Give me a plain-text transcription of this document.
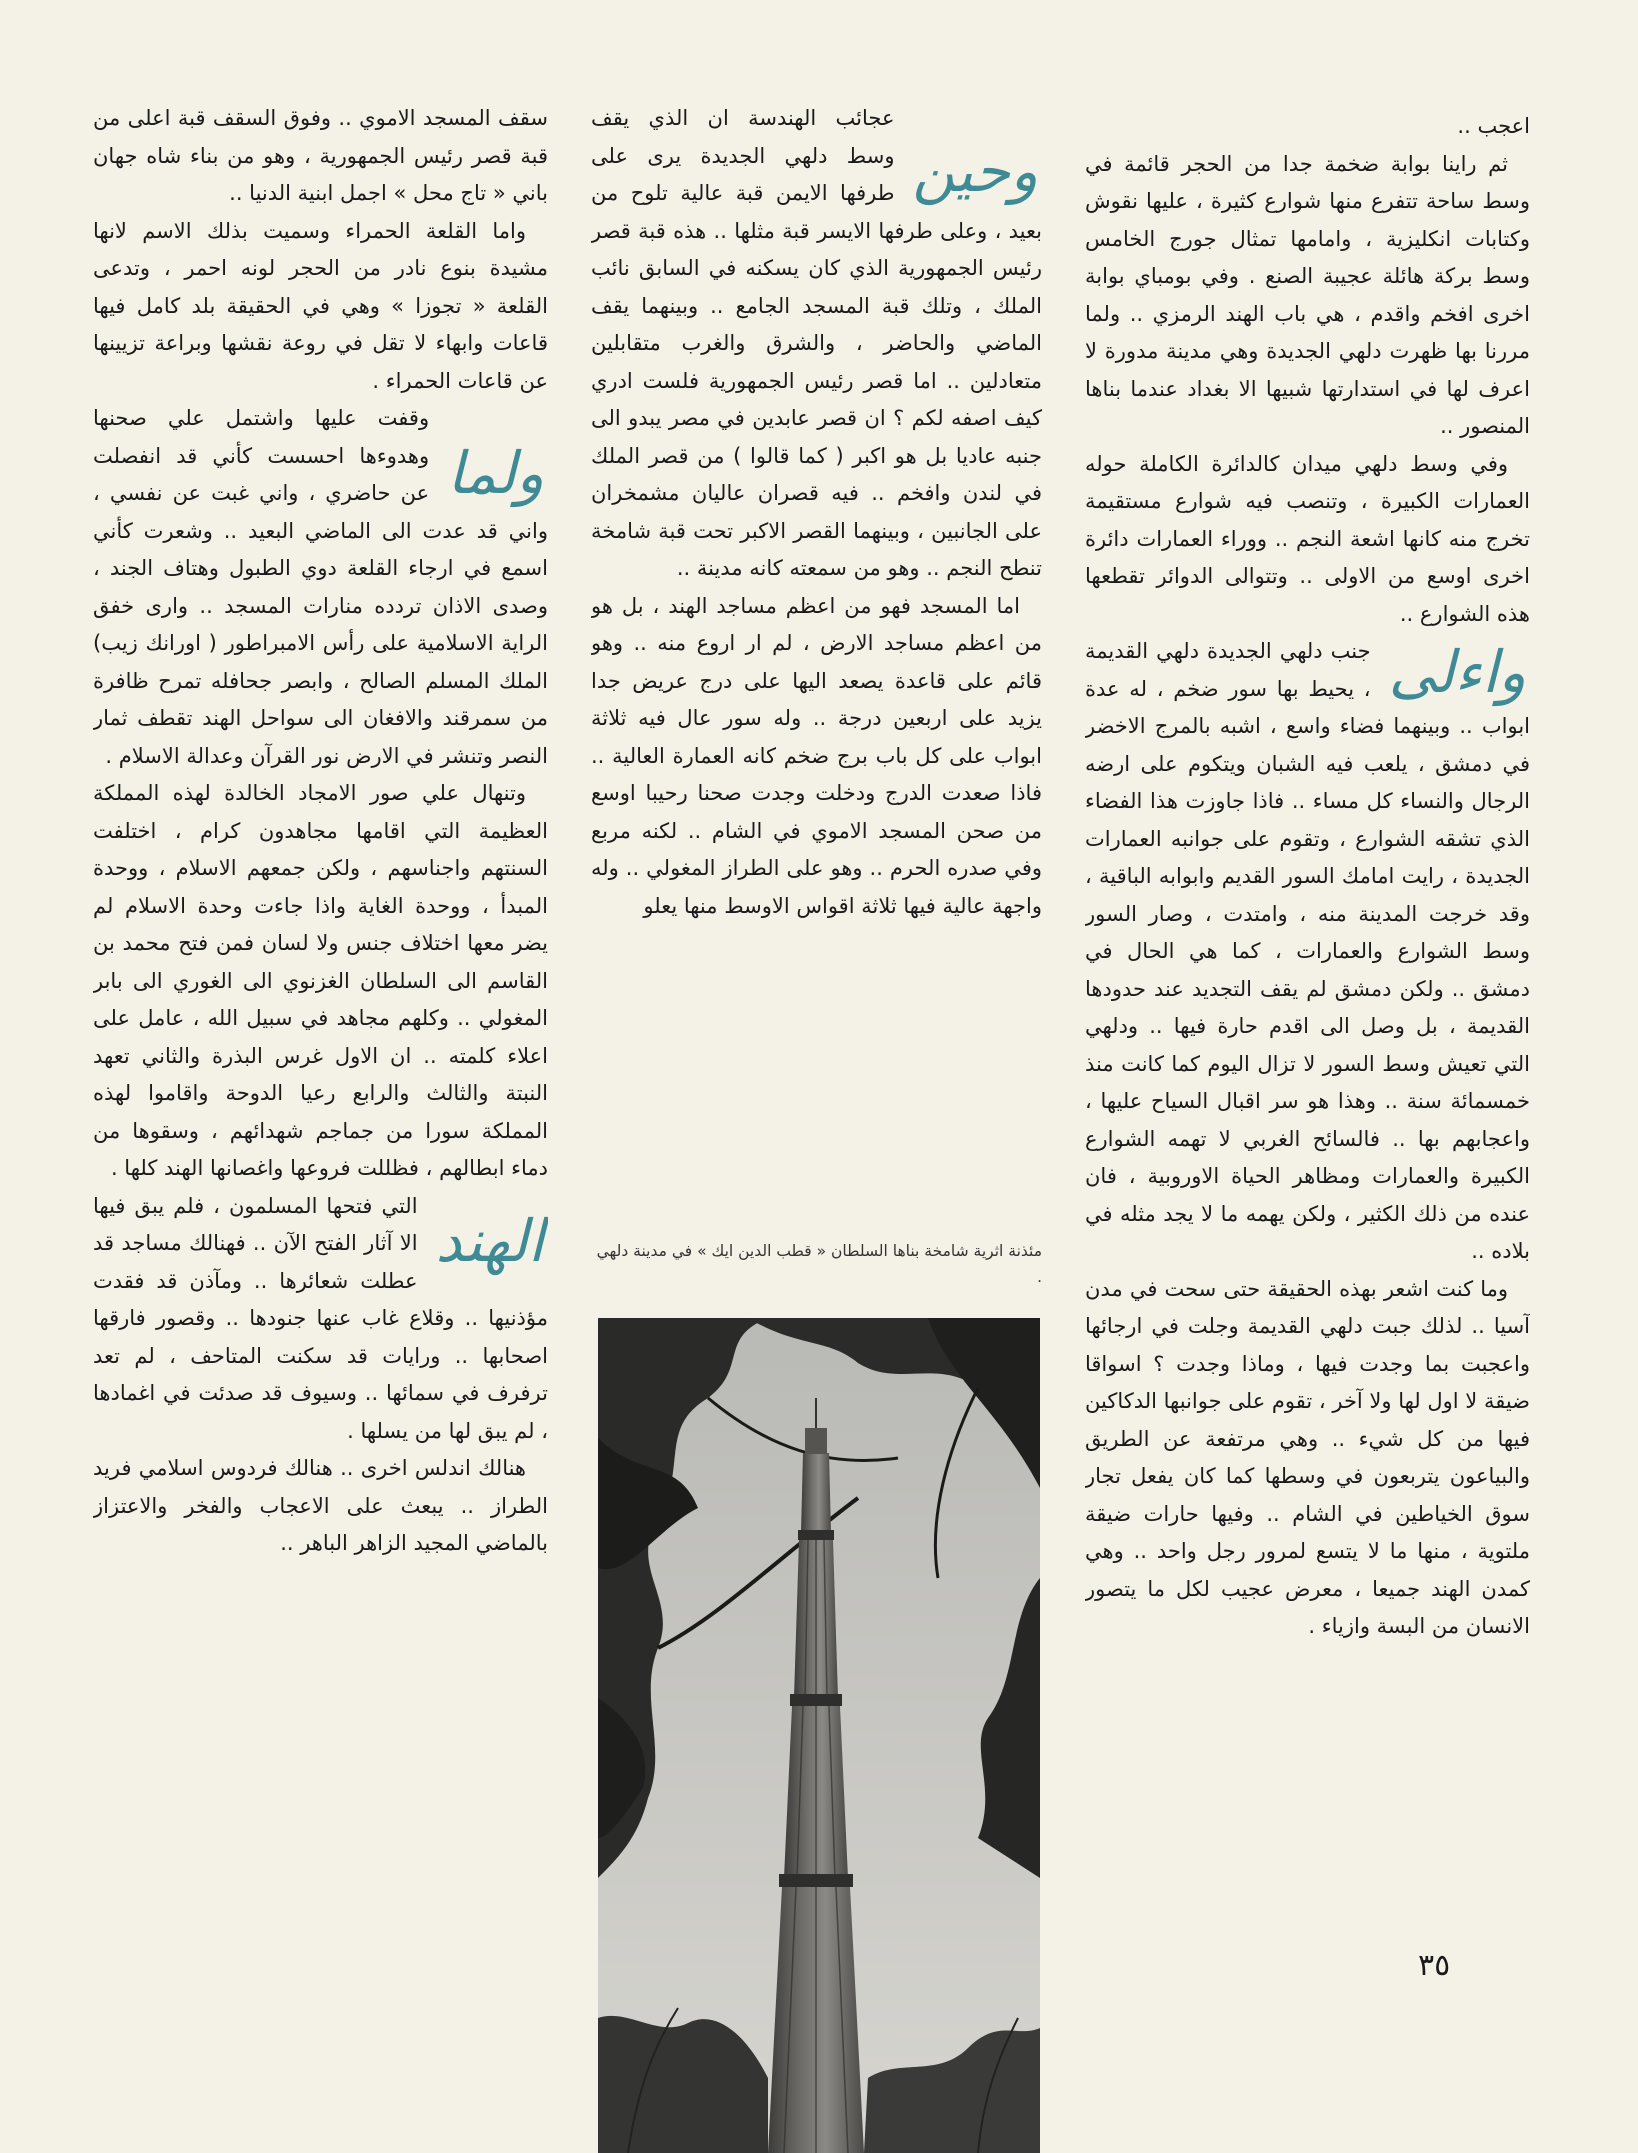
اعجب ..

ثم راينا بوابة ضخمة جدا من الحجر قائمة في وسط ساحة تتفرع منها شوارع كثيرة ، عليها نقوش وكتابات انكليزية ، وامامها تمثال جورج الخامس وسط بركة هائلة عجيبة الصنع . وفي بومباي بوابة اخرى افخم واقدم ، هي باب الهند الرمزي .. ولما مررنا بها ظهرت دلهي الجديدة وهي مدينة مدورة لا اعرف لها في استدارتها شبيها الا بغداد عندما بناها المنصور ..

وفي وسط دلهي ميدان كالدائرة الكاملة حوله العمارات الكبيرة ، وتنصب فيه شوارع مستقيمة تخرج منه كانها اشعة النجم .. ووراء العمارات دائرة اخرى اوسع من الاولى .. وتتوالى الدوائر تقطعها هذه الشوارع ..

واءلى

جنب دلهي الجديدة دلهي القديمة ، يحيط بها سور ضخم ، له عدة ابواب .. وبينهما فضاء واسع ، اشبه بالمرج الاخضر في دمشق ، يلعب فيه الشبان ويتكوم على ارضه الرجال والنساء كل مساء .. فاذا جاوزت هذا الفضاء الذي تشقه الشوارع ، وتقوم على جوانبه العمارات الجديدة ، رايت امامك السور القديم وابوابه الباقية ، وقد خرجت المدينة منه ، وامتدت ، وصار السور وسط الشوارع والعمارات ، كما هي الحال في دمشق .. ولكن دمشق لم يقف التجديد عند حدودها القديمة ، بل وصل الى اقدم حارة فيها .. ودلهي التي تعيش وسط السور لا تزال اليوم كما كانت منذ خمسمائة سنة .. وهذا هو سر اقبال السياح عليها ، واعجابهم بها .. فالسائح الغربي لا تهمه الشوارع الكبيرة والعمارات ومظاهر الحياة الاوروبية ، فان عنده من ذلك الكثير ، ولكن يهمه ما لا يجد مثله في بلاده ..

وما كنت اشعر بهذه الحقيقة حتى سحت في مدن آسيا .. لذلك جبت دلهي القديمة وجلت في ارجائها واعجبت بما وجدت فيها ، وماذا وجدت ؟ اسواقا ضيقة لا اول لها ولا آخر ، تقوم على جوانبها الدكاكين فيها من كل شيء .. وهي مرتفعة عن الطريق والبياعون يتربعون في وسطها كما كان يفعل تجار سوق الخياطين في الشام .. وفيها حارات ضيقة ملتوية ، منها ما لا يتسع لمرور رجل واحد .. وهي كمدن الهند جميعا ، معرض عجيب لكل ما يتصور الانسان من البسة وازياء .

وحين

عجائب الهندسة ان الذي يقف وسط دلهي الجديدة يرى على طرفها الايمن قبة عالية تلوح من بعيد ، وعلى طرفها الايسر قبة مثلها .. هذه قبة قصر رئيس الجمهورية الذي كان يسكنه في السابق نائب الملك ، وتلك قبة المسجد الجامع .. وبينهما يقف الماضي والحاضر ، والشرق والغرب متقابلين متعادلين .. اما قصر رئيس الجمهورية فلست ادري كيف اصفه لكم ؟ ان قصر عابدين في مصر يبدو الى جنبه عاديا بل هو اكبر ( كما قالوا ) من قصر الملك في لندن وافخم .. فيه قصران عاليان مشمخران على الجانبين ، وبينهما القصر الاكبر تحت قبة شامخة تنطح النجم .. وهو من سمعته كانه مدينة ..

اما المسجد فهو من اعظم مساجد الهند ، بل هو من اعظم مساجد الارض ، لم ار اروع منه .. وهو قائم على قاعدة يصعد اليها على درج عريض جدا يزيد على اربعين درجة .. وله سور عال فيه ثلاثة ابواب على كل باب برج ضخم كانه العمارة العالية .. فاذا صعدت الدرج ودخلت وجدت صحنا رحيبا اوسع من صحن المسجد الاموي في الشام .. لكنه مربع وفي صدره الحرم .. وهو على الطراز المغولي .. وله واجهة عالية فيها ثلاثة اقواس الاوسط منها يعلو

مئذنة اثرية شامخة بناها السلطان « قطب الدين ايك » في مدينة دلهي .

سقف المسجد الاموي .. وفوق السقف قبة اعلى من قبة قصر رئيس الجمهورية ، وهو من بناء شاه جهان باني « تاج محل » اجمل ابنية الدنيا ..

واما القلعة الحمراء وسميت بذلك الاسم لانها مشيدة بنوع نادر من الحجر لونه احمر ، وتدعى القلعة « تجوزا » وهي في الحقيقة بلد كامل فيها قاعات وابهاء لا تقل في روعة نقشها وبراعة تزيينها عن قاعات الحمراء .

ولما

وقفت عليها واشتمل علي صحنها وهدوءها احسست كأني قد انفصلت عن حاضري ، واني غبت عن نفسي ، واني قد عدت الى الماضي البعيد .. وشعرت كأني اسمع في ارجاء القلعة دوي الطبول وهتاف الجند ، وصدى الاذان تردده منارات المسجد .. وارى خفق الراية الاسلامية على رأس الامبراطور ( اورانك زيب) الملك المسلم الصالح ، وابصر جحافله تمرح ظافرة من سمرقند والافغان الى سواحل الهند تقطف ثمار النصر وتنشر في الارض نور القرآن وعدالة الاسلام .

وتنهال علي صور الامجاد الخالدة لهذه المملكة العظيمة التي اقامها مجاهدون كرام ، اختلفت السنتهم واجناسهم ، ولكن جمعهم الاسلام ، ووحدة المبدأ ، ووحدة الغاية واذا جاءت وحدة الاسلام لم يضر معها اختلاف جنس ولا لسان فمن فتح محمد بن القاسم الى السلطان الغزنوي الى الغوري الى بابر المغولي .. وكلهم مجاهد في سبيل الله ، عامل على اعلاء كلمته .. ان الاول غرس البذرة والثاني تعهد النبتة والثالث والرابع رعيا الدوحة واقاموا لهذه المملكة سورا من جماجم شهدائهم ، وسقوها من دماء ابطالهم ، فظللت فروعها واغصانها الهند كلها .

الهند

التي فتحها المسلمون ، فلم يبق فيها الا آثار الفتح الآن .. فهنالك مساجد قد عطلت شعائرها .. ومآذن قد فقدت مؤذنيها .. وقلاع غاب عنها جنودها .. وقصور فارقها اصحابها .. ورايات قد سكنت المتاحف ، لم تعد ترفرف في سمائها .. وسيوف قد صدئت في اغمادها ، لم يبق لها من يسلها .

هنالك اندلس اخرى .. هنالك فردوس اسلامي فريد الطراز .. يبعث على الاعجاب والفخر والاعتزاز بالماضي المجيد الزاهر الباهر ..

٣٥
